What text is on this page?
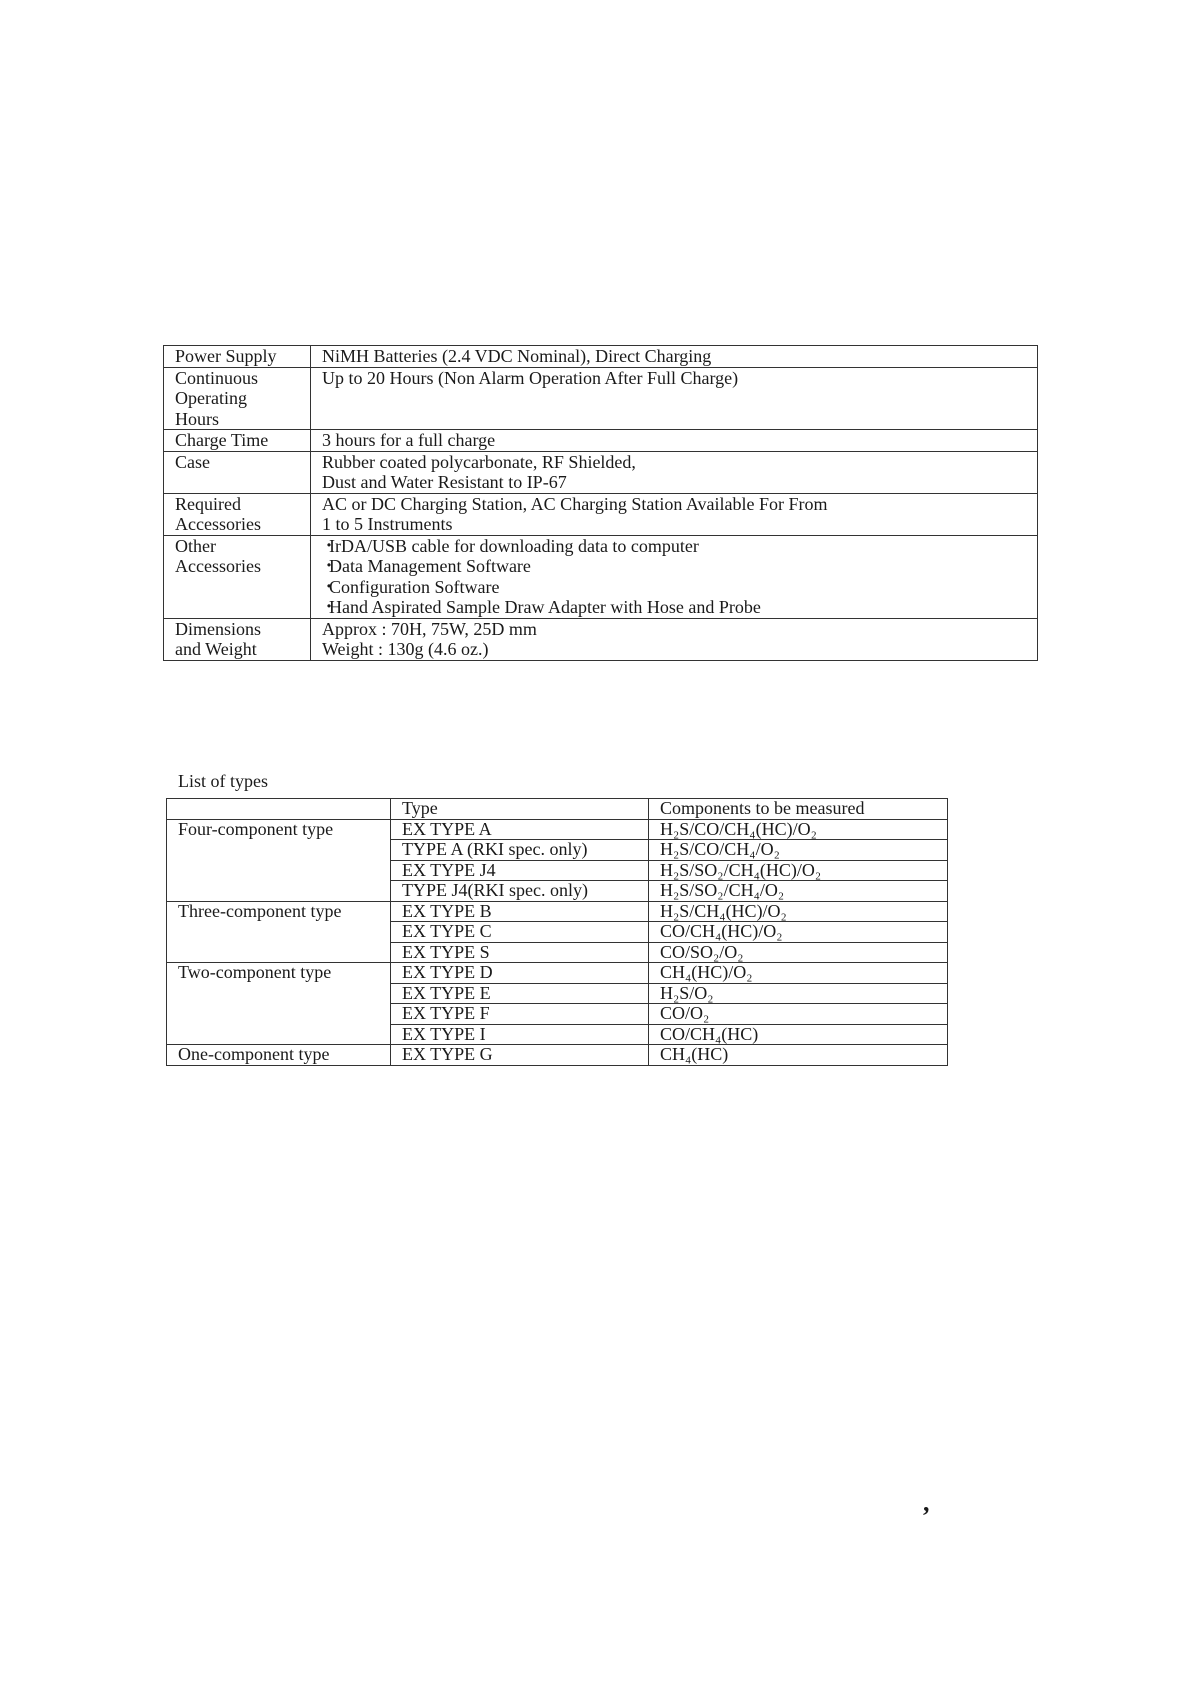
Power Supply	NiMH Batteries (2.4 VDC Nominal), Direct Charging

Continuous
Operating
Hours	Up to 20 Hours (Non Alarm Operation After Full Charge)

Charge Time	3 hours for a full charge

Case	Rubber coated polycarbonate, RF Shielded,
Dust and Water Resistant to IP-67

Required
Accessories	AC or DC Charging Station, AC Charging Station Available For From
1 to 5 Instruments

Other
Accessories	・ IrDA/USB cable for downloading data to computer
・ Data Management Software
・ Configuration Software
・ Hand Aspirated Sample Draw Adapter with Hose and Probe

Dimensions
and Weight	Approx : 70H, 75W, 25D mm
Weight : 130g (4.6 oz.)
List of types
	Type	Components to be measured
Four-component type	EX TYPE A	H₂S/CO/CH₄(HC)/O₂
	TYPE A (RKI spec. only)	H₂S/CO/CH₄/O₂
	EX TYPE J4	H₂S/SO₂/CH₄(HC)/O₂
	TYPE J4(RKI spec. only)	H₂S/SO₂/CH₄/O₂
Three-component type	EX TYPE B	H₂S/CH₄(HC)/O₂
	EX TYPE C	CO/CH₄(HC)/O₂
	EX TYPE S	CO/SO₂/O₂
Two-component type	EX TYPE D	CH₄(HC)/O₂
	EX TYPE E	H₂S/O₂
	EX TYPE F	CO/O₂
	EX TYPE I	CO/CH₄(HC)
One-component type	EX TYPE G	CH₄(HC)
,
